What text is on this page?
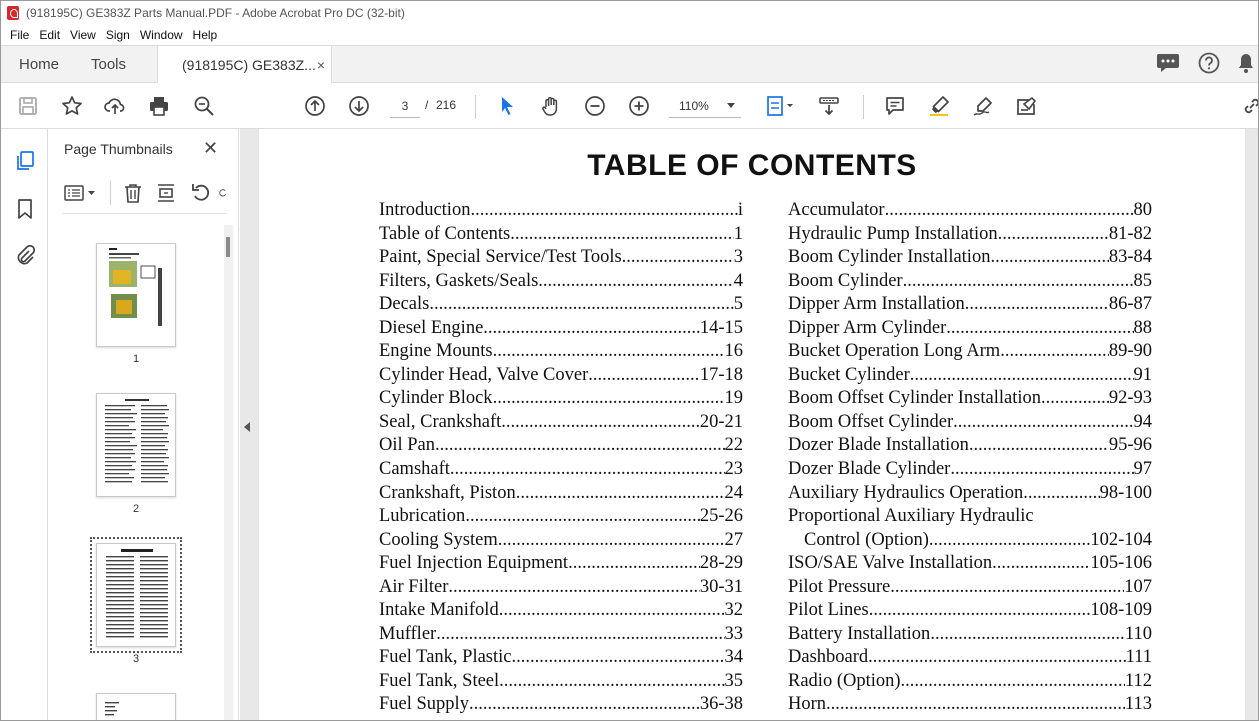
(918195C) GE383Z Parts Manual.PDF - Adobe Acrobat Pro DC (32-bit)
File Edit View Sign Window Help
Home Tools	(918195C) GE383Z... ×
3
/ 216	110%
Page Thumbnails ✕
1
2
3
TABLE OF CONTENTS
Introduction .....	i
Table of Contents .....	1
Paint, Special Service/Test Tools .....	3
Filters, Gaskets/Seals .....	4
Decals .....	5
Diesel Engine .....	14-15
Engine Mounts .....	16
Cylinder Head, Valve Cover .....	17-18
Cylinder Block .....	19
Seal, Crankshaft .....	20-21
Oil Pan .....	22
Camshaft .....	23
Crankshaft, Piston .....	24
Lubrication .....	25-26
Cooling System .....	27
Fuel Injection Equipment .....	28-29
Air Filter .....	30-31
Intake Manifold .....	32
Muffler .....	33
Fuel Tank, Plastic .....	34
Fuel Tank, Steel .....	35
Fuel Supply .....	36-38
Accumulator .....	80
Hydraulic Pump Installation .....	81-82
Boom Cylinder Installation .....	83-84
Boom Cylinder .....	85
Dipper Arm Installation .....	86-87
Dipper Arm Cylinder .....	88
Bucket Operation Long Arm .....	89-90
Bucket Cylinder .....	91
Boom Offset Cylinder Installation .....	92-93
Boom Offset Cylinder .....	94
Dozer Blade Installation .....	95-96
Dozer Blade Cylinder .....	97
Auxiliary Hydraulics Operation .....	98-100
Proportional Auxiliary Hydraulic
Control (Option) .....	102-104
ISO/SAE Valve Installation .....	105-106
Pilot Pressure .....	107
Pilot Lines .....	108-109
Battery Installation .....	110
Dashboard .....	111
Radio (Option) .....	112
Horn .....	113
